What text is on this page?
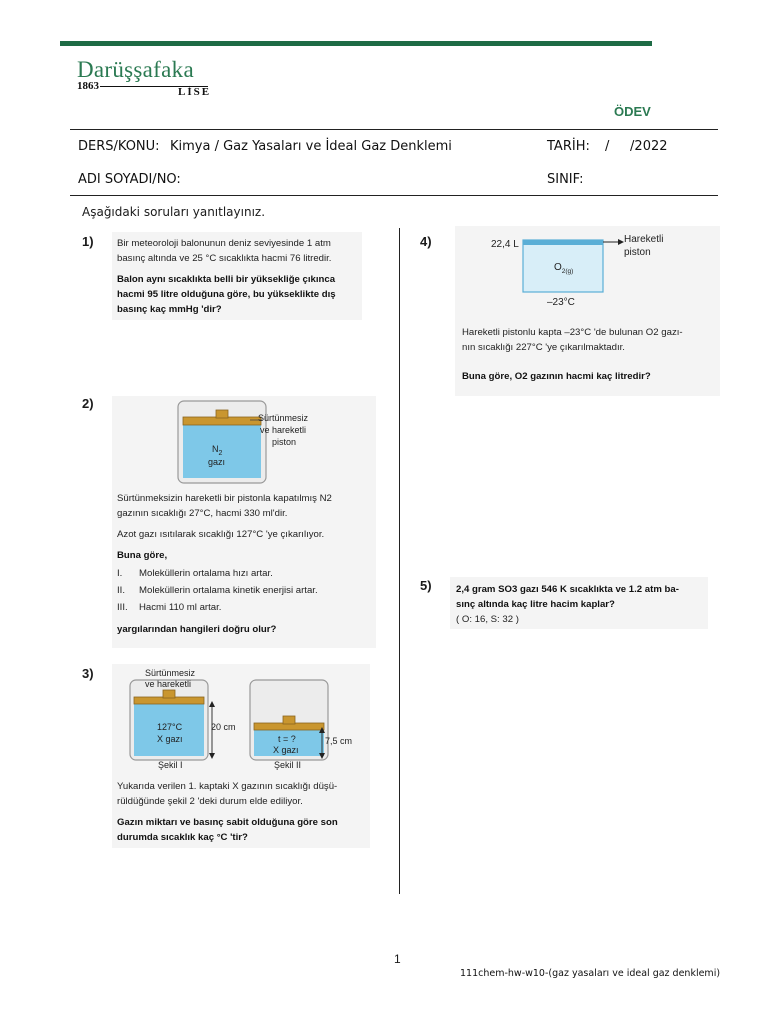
Darüşşafaka
1863	LİSE
ÖDEV
DERS/KONU: Kimya / Gaz Yasaları ve İdeal Gaz Denklemi	TARİH: /     /2022
ADI SOYADI/NO:	SINIF:
Aşağıdaki soruları yanıtlayınız.
1) Bir meteoroloji balonunun deniz seviyesinde 1 atm
basınç altında ve 25 °C sıcaklıkta hacmi 76 litredir.
Balon aynı sıcaklıkta belli bir yüksekliğe çıkınca
hacmi 95 litre olduğuna göre, bu yükseklikte dış
basınç kaç mmHg 'dir?
2)
Sürtünmesiz
ve hareketli
piston
$N_2$
gazı
Sürtünmeksizin hareketli bir pistonla kapatılmış N2
gazının sıcaklığı 27°C, hacmi 330 ml'dir.
Azot gazı ısıtılarak sıcaklığı 127°C 'ye çıkarılıyor.
Buna göre,
I. Moleküllerin ortalama hızı artar.
II. Moleküllerin ortalama kinetik enerjisi artar.
III. Hacmi 110 ml artar.
yargılarından hangileri doğru olur?
3)	Sürtünmesiz
ve hareketli
127°C
X gazı
20 cm
Şekil I
t = ?
X gazı
7,5 cm
Şekil II
Yukarıda verilen 1. kaptaki X gazının sıcaklığı düşü-
rüldüğünde şekil 2 'deki durum elde ediliyor.
Gazın miktarı ve basınç sabit olduğuna göre son
durumda sıcaklık kaç °C 'tir?
4)	22,4 L	Hareketli
piston
$O_{2(g)}$
–23°C
Hareketli pistonlu kapta –23°C 'de bulunan O2 gazı-
nın sıcaklığı 227°C 'ye çıkarılmaktadır.
Buna göre, O2 gazının hacmi kaç litredir?
5)	2,4 gram SO3 gazı 546 K sıcaklıkta ve 1.2 atm ba-
sınç altında kaç litre hacim kaplar?
( O: 16, S: 32 )
1
111chem-hw-w10-(gaz yasaları ve ideal gaz denklemi)
